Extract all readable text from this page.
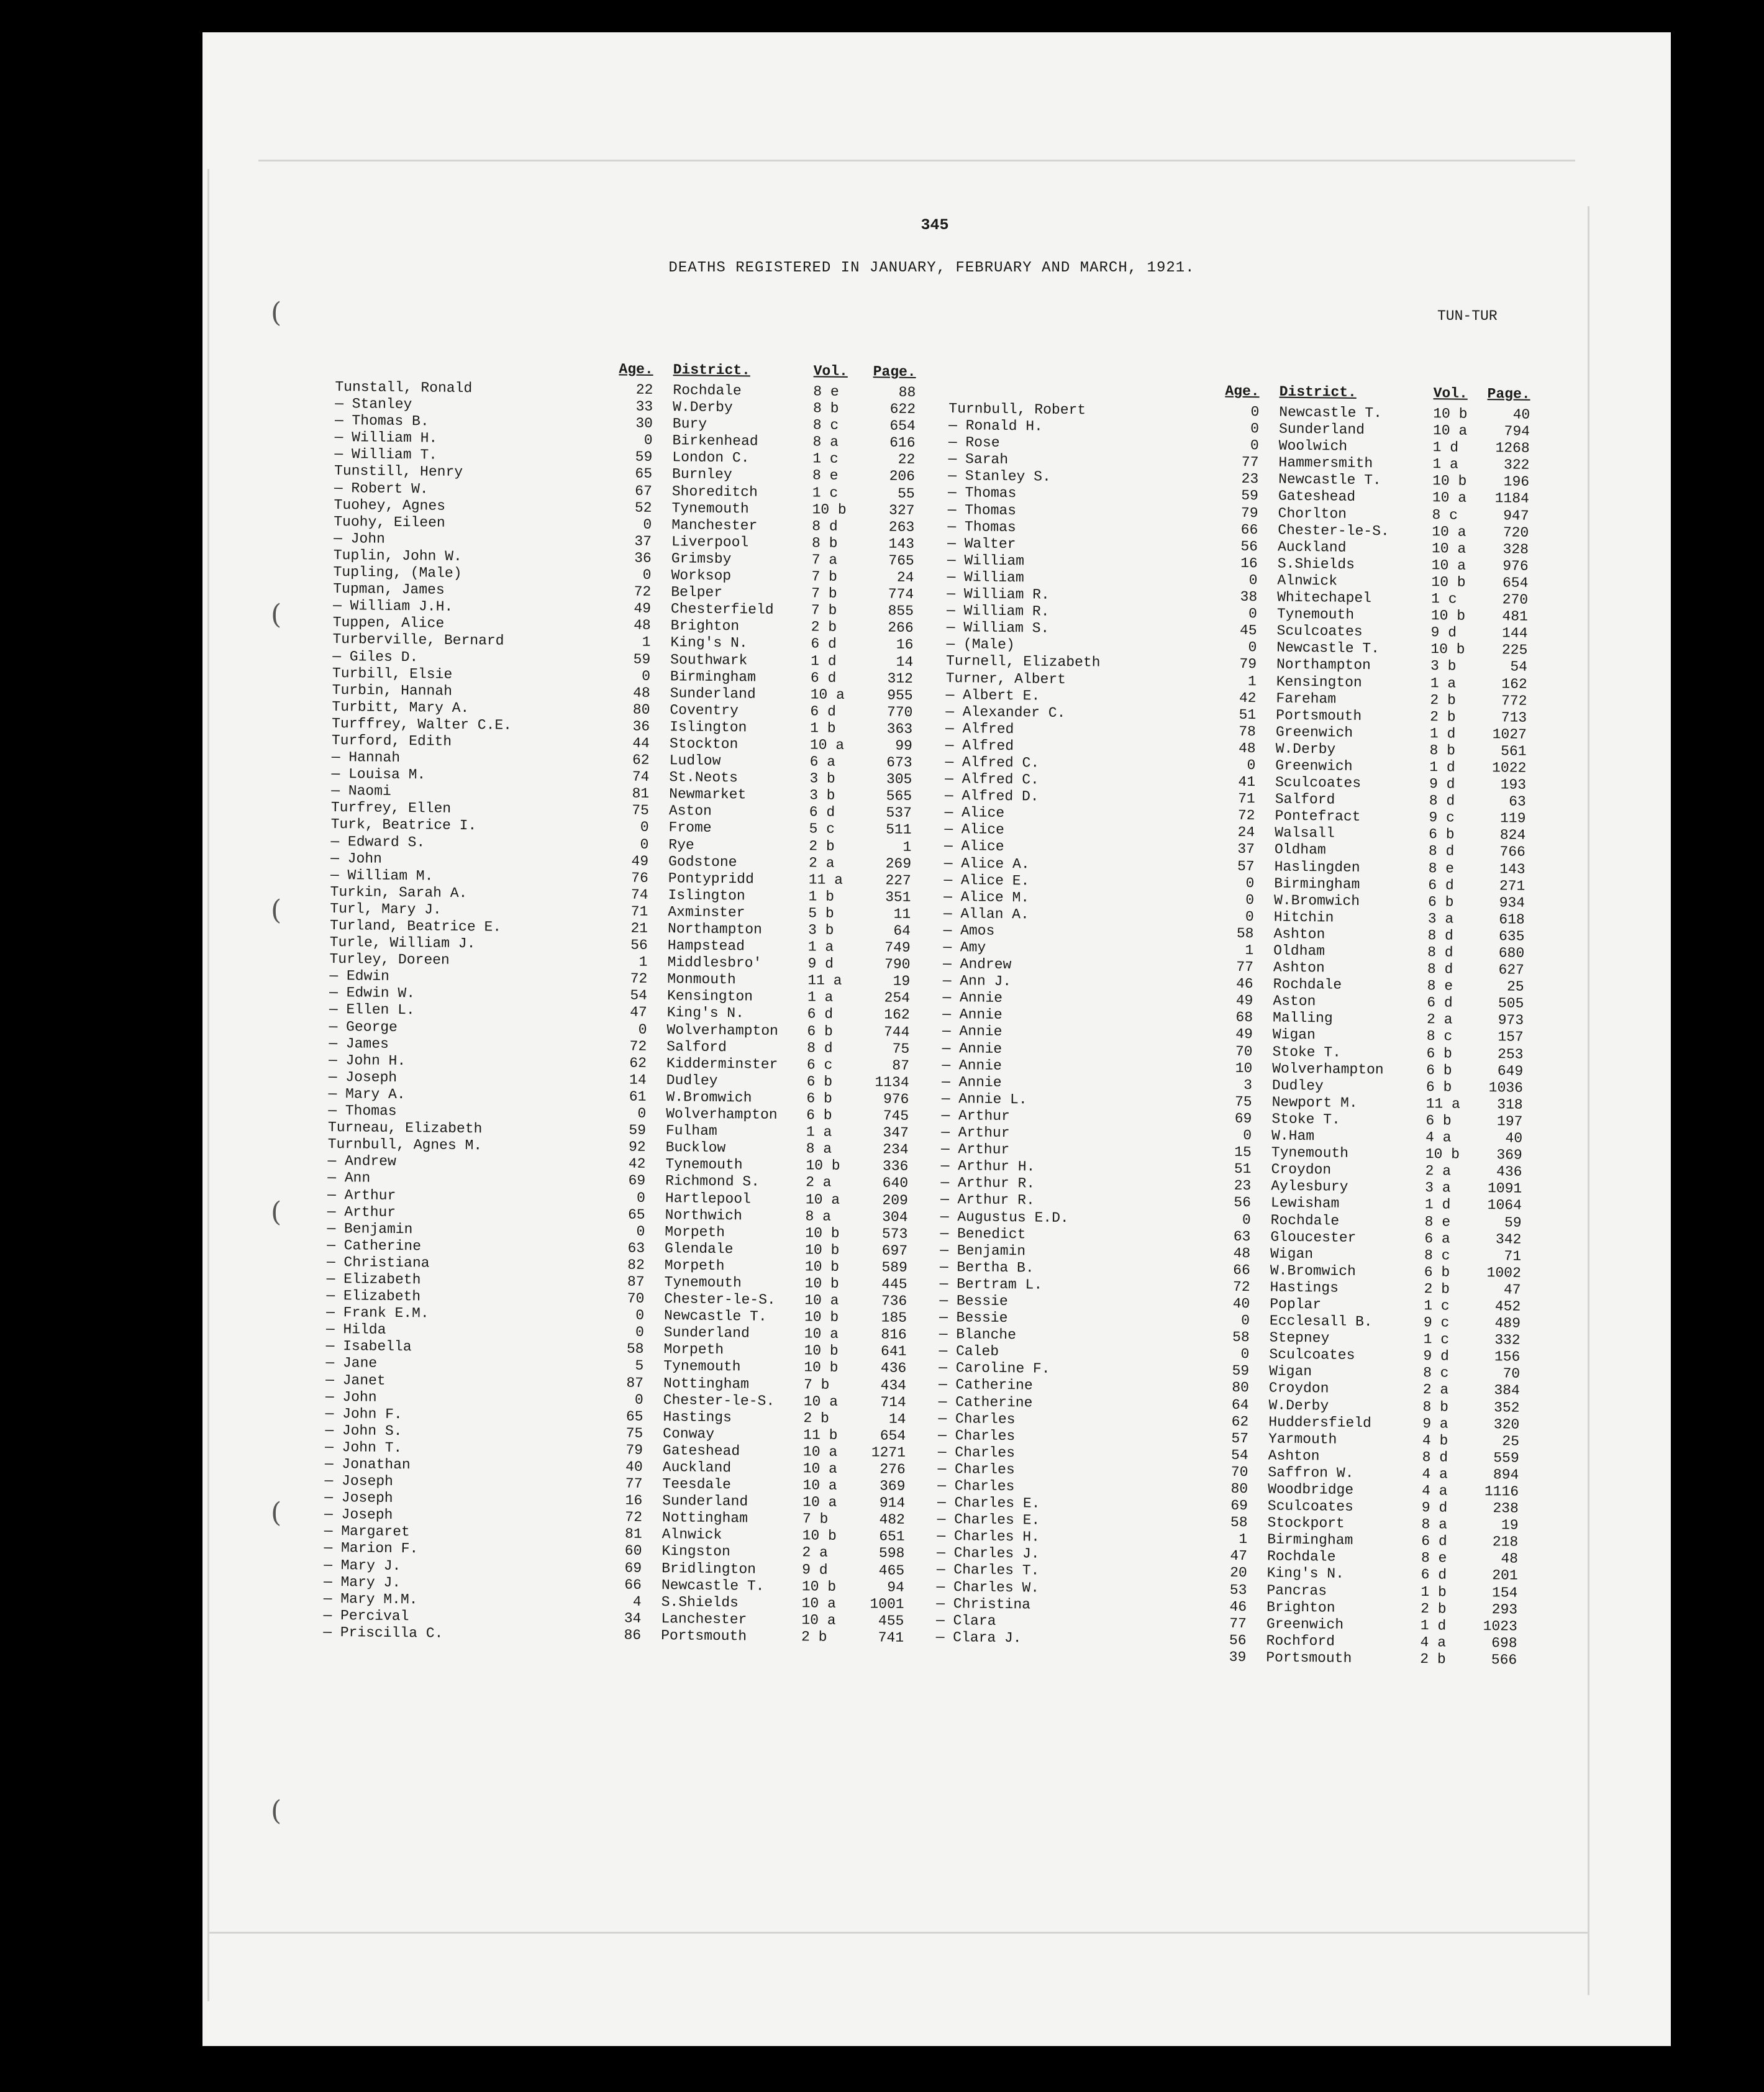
345
DEATHS REGISTERED IN JANUARY, FEBRUARY AND MARCH, 1921.
TUN-TUR
(
(
(
(
(
(
Age.	District.	Vol.	Page.
Tunstall, Ronald	22	Rochdale	8 e	88
— Stanley	33	W.Derby	8 b	622
— Thomas B.	30	Bury	8 c	654
— William H.	0	Birkenhead	8 a	616
— William T.	59	London C.	1 c	22
Tunstill, Henry	65	Burnley	8 e	206
— Robert W.	67	Shoreditch	1 c	55
Tuohey, Agnes	52	Tynemouth	10 b	327
Tuohy, Eileen	0	Manchester	8 d	263
— John	37	Liverpool	8 b	143
Tuplin, John W.	36	Grimsby	7 a	765
Tupling, (Male)	0	Worksop	7 b	24
Tupman, James	72	Belper	7 b	774
— William J.H.	49	Chesterfield	7 b	855
Tuppen, Alice	48	Brighton	2 b	266
Turberville, Bernard	1	King's N.	6 d	16
— Giles D.	59	Southwark	1 d	14
Turbill, Elsie	0	Birmingham	6 d	312
Turbin, Hannah	48	Sunderland	10 a	955
Turbitt, Mary A.	80	Coventry	6 d	770
Turffrey, Walter C.E.	36	Islington	1 b	363
Turford, Edith	44	Stockton	10 a	99
— Hannah	62	Ludlow	6 a	673
— Louisa M.	74	St.Neots	3 b	305
— Naomi	81	Newmarket	3 b	565
Turfrey, Ellen	75	Aston	6 d	537
Turk, Beatrice I.	0	Frome	5 c	511
— Edward S.	0	Rye	2 b	1
— John	49	Godstone	2 a	269
— William M.	76	Pontypridd	11 a	227
Turkin, Sarah A.	74	Islington	1 b	351
Turl, Mary J.	71	Axminster	5 b	11
Turland, Beatrice E.	21	Northampton	3 b	64
Turle, William J.	56	Hampstead	1 a	749
Turley, Doreen	1	Middlesbro'	9 d	790
— Edwin	72	Monmouth	11 a	19
— Edwin W.	54	Kensington	1 a	254
— Ellen L.	47	King's N.	6 d	162
— George	0	Wolverhampton	6 b	744
— James	72	Salford	8 d	75
— John H.	62	Kidderminster	6 c	87
— Joseph	14	Dudley	6 b	1134
— Mary A.	61	W.Bromwich	6 b	976
— Thomas	0	Wolverhampton	6 b	745
Turneau, Elizabeth	59	Fulham	1 a	347
Turnbull, Agnes M.	92	Bucklow	8 a	234
— Andrew	42	Tynemouth	10 b	336
— Ann	69	Richmond S.	2 a	640
— Arthur	0	Hartlepool	10 a	209
— Arthur	65	Northwich	8 a	304
— Benjamin	0	Morpeth	10 b	573
— Catherine	63	Glendale	10 b	697
— Christiana	82	Morpeth	10 b	589
— Elizabeth	87	Tynemouth	10 b	445
— Elizabeth	70	Chester-le-S.	10 a	736
— Frank E.M.	0	Newcastle T.	10 b	185
— Hilda	0	Sunderland	10 a	816
— Isabella	58	Morpeth	10 b	641
— Jane	5	Tynemouth	10 b	436
— Janet	87	Nottingham	7 b	434
— John	0	Chester-le-S.	10 a	714
— John F.	65	Hastings	2 b	14
— John S.	75	Conway	11 b	654
— John T.	79	Gateshead	10 a	1271
— Jonathan	40	Auckland	10 a	276
— Joseph	77	Teesdale	10 a	369
— Joseph	16	Sunderland	10 a	914
— Joseph	72	Nottingham	7 b	482
— Margaret	81	Alnwick	10 b	651
— Marion F.	60	Kingston	2 a	598
— Mary J.	69	Bridlington	9 d	465
— Mary J.	66	Newcastle T.	10 b	94
— Mary M.M.	4	S.Shields	10 a	1001
— Percival	34	Lanchester	10 a	455
— Priscilla C.	86	Portsmouth	2 b	741
Age.	District.	Vol.	Page.
Turnbull, Robert	0	Newcastle T.	10 b	40
— Ronald H.	0	Sunderland	10 a	794
— Rose	0	Woolwich	1 d	1268
— Sarah	77	Hammersmith	1 a	322
— Stanley S.	23	Newcastle T.	10 b	196
— Thomas	59	Gateshead	10 a	1184
— Thomas	79	Chorlton	8 c	947
— Thomas	66	Chester-le-S.	10 a	720
— Walter	56	Auckland	10 a	328
— William	16	S.Shields	10 a	976
— William	0	Alnwick	10 b	654
— William R.	38	Whitechapel	1 c	270
— William R.	0	Tynemouth	10 b	481
— William S.	45	Sculcoates	9 d	144
— (Male)	0	Newcastle T.	10 b	225
Turnell, Elizabeth	79	Northampton	3 b	54
Turner, Albert	1	Kensington	1 a	162
— Albert E.	42	Fareham	2 b	772
— Alexander C.	51	Portsmouth	2 b	713
— Alfred	78	Greenwich	1 d	1027
— Alfred	48	W.Derby	8 b	561
— Alfred C.	0	Greenwich	1 d	1022
— Alfred C.	41	Sculcoates	9 d	193
— Alfred D.	71	Salford	8 d	63
— Alice	72	Pontefract	9 c	119
— Alice	24	Walsall	6 b	824
— Alice	37	Oldham	8 d	766
— Alice A.	57	Haslingden	8 e	143
— Alice E.	0	Birmingham	6 d	271
— Alice M.	0	W.Bromwich	6 b	934
— Allan A.	0	Hitchin	3 a	618
— Amos	58	Ashton	8 d	635
— Amy	1	Oldham	8 d	680
— Andrew	77	Ashton	8 d	627
— Ann J.	46	Rochdale	8 e	25
— Annie	49	Aston	6 d	505
— Annie	68	Malling	2 a	973
— Annie	49	Wigan	8 c	157
— Annie	70	Stoke T.	6 b	253
— Annie	10	Wolverhampton	6 b	649
— Annie	3	Dudley	6 b	1036
— Annie L.	75	Newport M.	11 a	318
— Arthur	69	Stoke T.	6 b	197
— Arthur	0	W.Ham	4 a	40
— Arthur	15	Tynemouth	10 b	369
— Arthur H.	51	Croydon	2 a	436
— Arthur R.	23	Aylesbury	3 a	1091
— Arthur R.	56	Lewisham	1 d	1064
— Augustus E.D.	0	Rochdale	8 e	59
— Benedict	63	Gloucester	6 a	342
— Benjamin	48	Wigan	8 c	71
— Bertha B.	66	W.Bromwich	6 b	1002
— Bertram L.	72	Hastings	2 b	47
— Bessie	40	Poplar	1 c	452
— Bessie	0	Ecclesall B.	9 c	489
— Blanche	58	Stepney	1 c	332
— Caleb	0	Sculcoates	9 d	156
— Caroline F.	59	Wigan	8 c	70
— Catherine	80	Croydon	2 a	384
— Catherine	64	W.Derby	8 b	352
— Charles	62	Huddersfield	9 a	320
— Charles	57	Yarmouth	4 b	25
— Charles	54	Ashton	8 d	559
— Charles	70	Saffron W.	4 a	894
— Charles	80	Woodbridge	4 a	1116
— Charles E.	69	Sculcoates	9 d	238
— Charles E.	58	Stockport	8 a	19
— Charles H.	1	Birmingham	6 d	218
— Charles J.	47	Rochdale	8 e	48
— Charles T.	20	King's N.	6 d	201
— Charles W.	53	Pancras	1 b	154
— Christina	46	Brighton	2 b	293
— Clara	77	Greenwich	1 d	1023
— Clara J.	56	Rochford	4 a	698
39	Portsmouth	2 b	566
